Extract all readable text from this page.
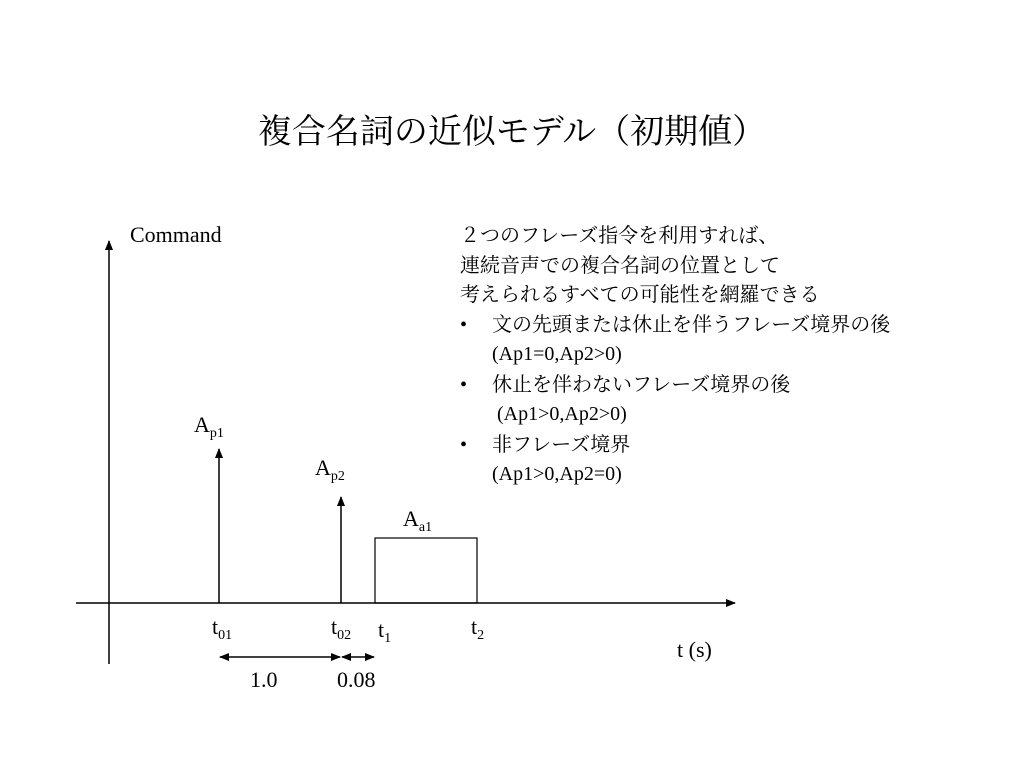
複合名詞の近似モデル（初期値）
Command
t (s)
$A_{p1}$
$A_{p2}$
$A_{a1}$
$t_{01}$	$t_{02}$ $t_1$	$t_2$
1.0	0.08
２つのフレーズ指令を利用すれば、
連続音声での複合名詞の位置として
考えられるすべての可能性を網羅できる
• 文の先頭または休止を伴うフレーズ境界の後
(Ap1=0,Ap2>0)
• 休止を伴わないフレーズ境界の後
(Ap1>0,Ap2>0)
• 非フレーズ境界
(Ap1>0,Ap2=0)
